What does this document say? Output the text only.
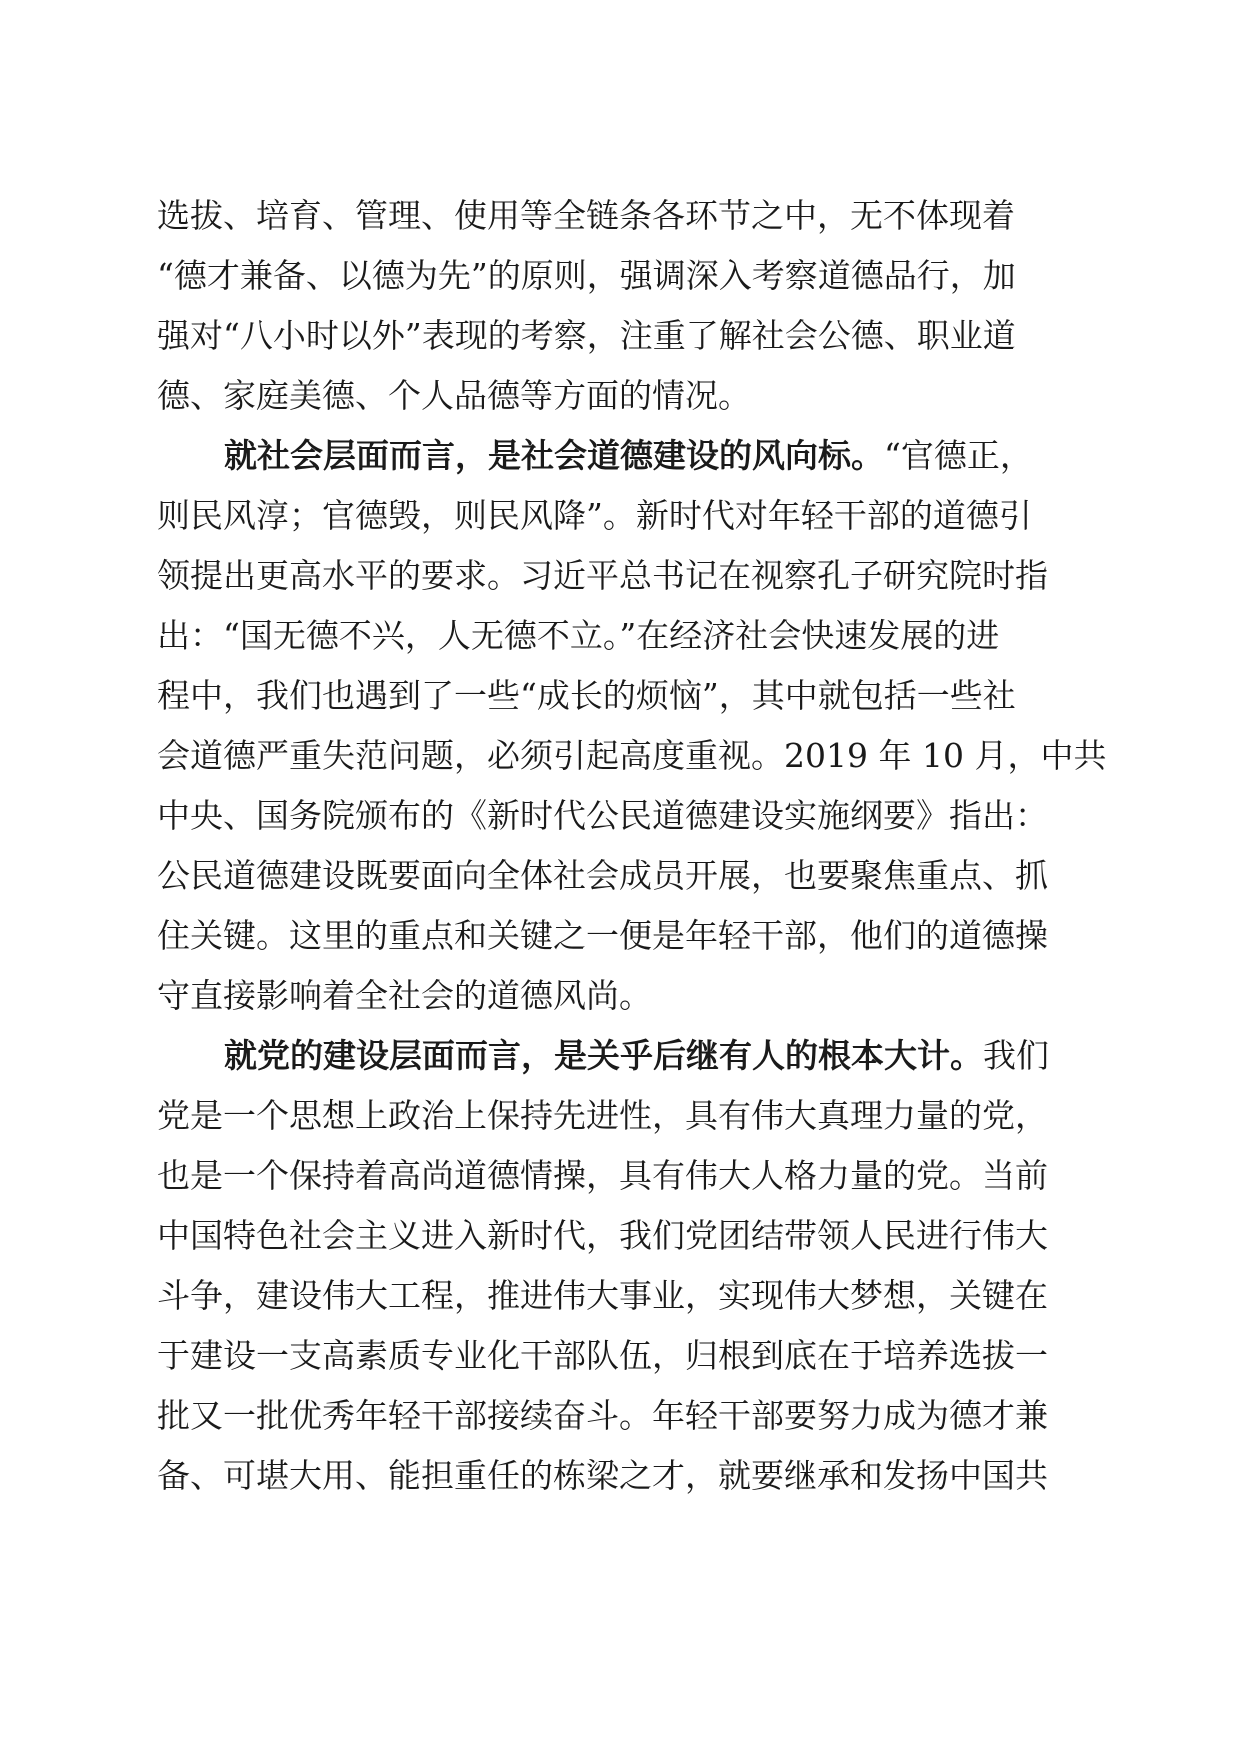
选拔、培育、管理、使用等全链条各环节之中，无不体现着
“德才兼备、以德为先”的原则，强调深入考察道德品行，加
强对“八小时以外”表现的考察，注重了解社会公德、职业道
德、家庭美德、个人品德等方面的情况。
就社会层面而言，是社会道德建设的风向标。“官德正，
则民风淳；官德毁，则民风降”。新时代对年轻干部的道德引
领提出更高水平的要求。习近平总书记在视察孔子研究院时指
出：“国无德不兴，人无德不立。”在经济社会快速发展的进
程中，我们也遇到了一些“成长的烦恼”，其中就包括一些社
会道德严重失范问题，必须引起高度重视。2019 年 10 月，中共
中央、国务院颁布的《新时代公民道德建设实施纲要》指出：
公民道德建设既要面向全体社会成员开展，也要聚焦重点、抓
住关键。这里的重点和关键之一便是年轻干部，他们的道德操
守直接影响着全社会的道德风尚。
就党的建设层面而言，是关乎后继有人的根本大计。我们
党是一个思想上政治上保持先进性，具有伟大真理力量的党，
也是一个保持着高尚道德情操，具有伟大人格力量的党。当前
中国特色社会主义进入新时代，我们党团结带领人民进行伟大
斗争，建设伟大工程，推进伟大事业，实现伟大梦想，关键在
于建设一支高素质专业化干部队伍，归根到底在于培养选拔一
批又一批优秀年轻干部接续奋斗。年轻干部要努力成为德才兼
备、可堪大用、能担重任的栋梁之才，就要继承和发扬中国共
